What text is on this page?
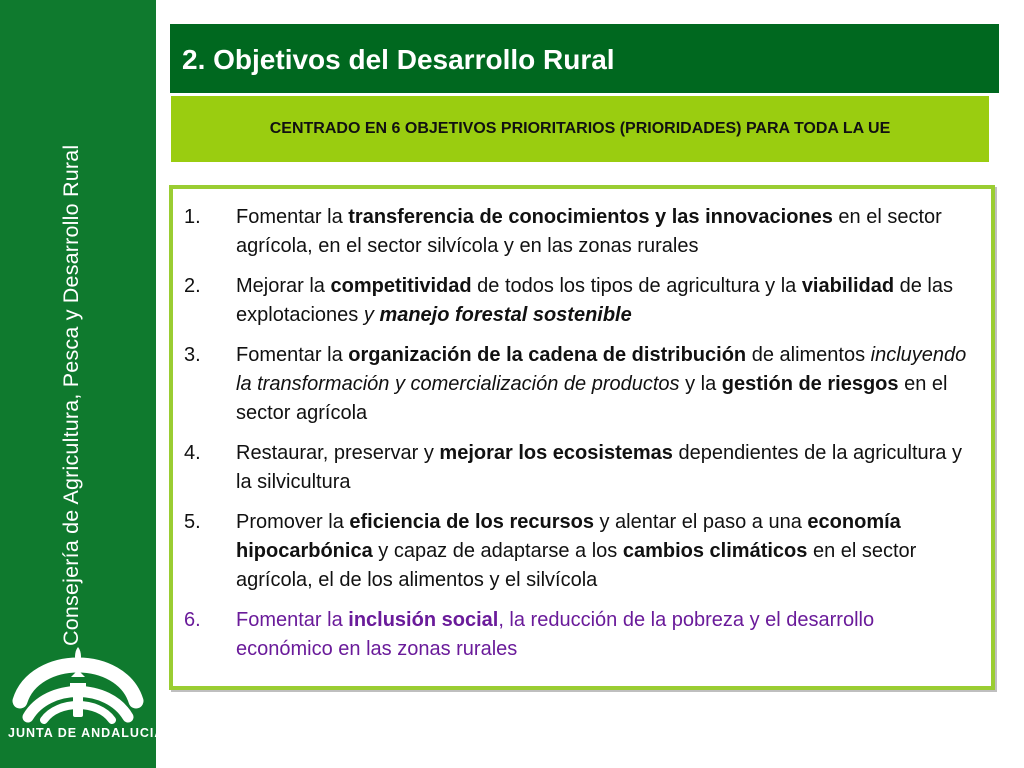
Consejería de Agricultura, Pesca y Desarrollo Rural
JUNTA DE ANDALUCIA
2. Objetivos del Desarrollo Rural

CENTRADO EN 6 OBJETIVOS PRIORITARIOS (PRIORIDADES) PARA TODA LA UE

1.	Fomentar la transferencia de conocimientos y las innovaciones en el sector agrícola, en el sector silvícola y en las zonas rurales
2.	Mejorar la competitividad de todos los tipos de agricultura y la viabilidad de las explotaciones y manejo forestal sostenible
3.	Fomentar la organización de la cadena de distribución de alimentos incluyendo la transformación y comercialización de productos y la gestión de riesgos en el sector agrícola
4.	Restaurar, preservar y mejorar los ecosistemas dependientes de la agricultura y la silvicultura
5.	Promover la eficiencia de los recursos y alentar el paso a una economía hipocarbónica y capaz de adaptarse a los cambios climáticos en el sector agrícola, el de los alimentos y el silvícola
6.	Fomentar la inclusión social, la reducción de la pobreza y el desarrollo económico en las zonas rurales
